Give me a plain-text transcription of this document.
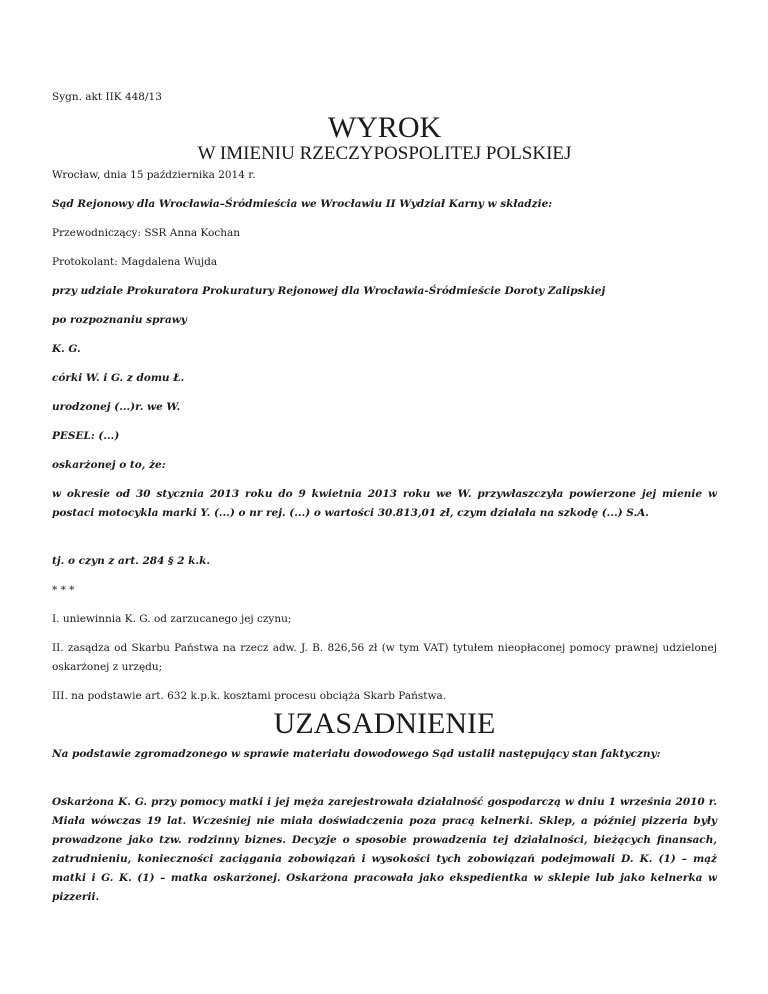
Sygn. akt IIK 448/13
WYROK
W IMIENIU RZECZYPOSPOLITEJ POLSKIEJ
Wrocław, dnia 15 października 2014 r.
Sąd Rejonowy dla Wrocławia–Śródmieścia we Wrocławiu II Wydział Karny w składzie:
Przewodniczący: SSR Anna Kochan
Protokolant: Magdalena Wujda
przy udziale Prokuratora Prokuratury Rejonowej dla Wrocławia-Śródmieście Doroty Zalipskiej
po rozpoznaniu sprawy
K. G.
córki W. i G. z domu Ł.
urodzonej (...)r. we W.
PESEL: (...)
oskarżonej o to, że:
w okresie od 30 stycznia 2013 roku do 9 kwietnia 2013 roku we W. przywłaszczyła powierzone jej mienie w postaci motocykla marki Y. (...) o nr rej. (...) o wartości 30.813,01 zł, czym działała na szkodę (...) S.A.
tj. o czyn z art. 284 § 2 k.k.
* * *
I. uniewinnia K. G. od zarzucanego jej czynu;
II. zasądza od Skarbu Państwa na rzecz adw. J. B. 826,56 zł (w tym VAT) tytułem nieopłaconej pomocy prawnej udzielonej oskarżonej z urzędu;
III. na podstawie art. 632 k.p.k. kosztami procesu obciąża Skarb Państwa.
UZASADNIENIE
Na podstawie zgromadzonego w sprawie materiału dowodowego Sąd ustalił następujący stan faktyczny:
Oskarżona K. G. przy pomocy matki i jej męża zarejestrowała działalność gospodarczą w dniu 1 września 2010 r. Miała wówczas 19 lat. Wcześniej nie miała doświadczenia poza pracą kelnerki. Sklep, a później pizzeria były prowadzone jako tzw. rodzinny biznes. Decyzje o sposobie prowadzenia tej działalności, bieżących finansach, zatrudnieniu, konieczności zaciągania zobowiązań i wysokości tych zobowiązań podejmowali D. K. (1) – mąż matki i G. K. (1) – matka oskarżonej. Oskarżona pracowała jako ekspedientka w sklepie lub jako kelnerka w pizzerii.
